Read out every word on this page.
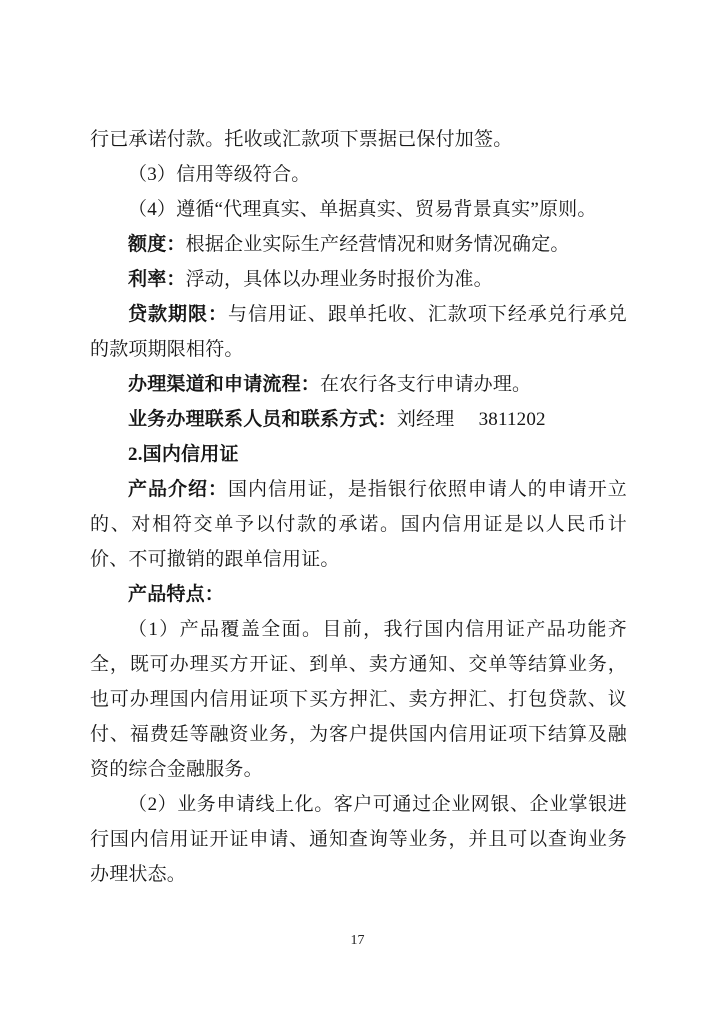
行已承诺付款。托收或汇款项下票据已保付加签。

（3）信用等级符合。

（4）遵循“代理真实、单据真实、贸易背景真实”原则。

额度：根据企业实际生产经营情况和财务情况确定。

利率：浮动，具体以办理业务时报价为准。

贷款期限：与信用证、跟单托收、汇款项下经承兑行承兑的款项期限相符。

办理渠道和申请流程：在农行各支行申请办理。

业务办理联系人员和联系方式：刘经理　 3811202

2.国内信用证

产品介绍：国内信用证，是指银行依照申请人的申请开立的、对相符交单予以付款的承诺。国内信用证是以人民币计价、不可撤销的跟单信用证。

产品特点：

（1）产品覆盖全面。目前，我行国内信用证产品功能齐全，既可办理买方开证、到单、卖方通知、交单等结算业务，也可办理国内信用证项下买方押汇、卖方押汇、打包贷款、议付、福费廷等融资业务，为客户提供国内信用证项下结算及融资的综合金融服务。

（2）业务申请线上化。客户可通过企业网银、企业掌银进行国内信用证开证申请、通知查询等业务，并且可以查询业务办理状态。

17
